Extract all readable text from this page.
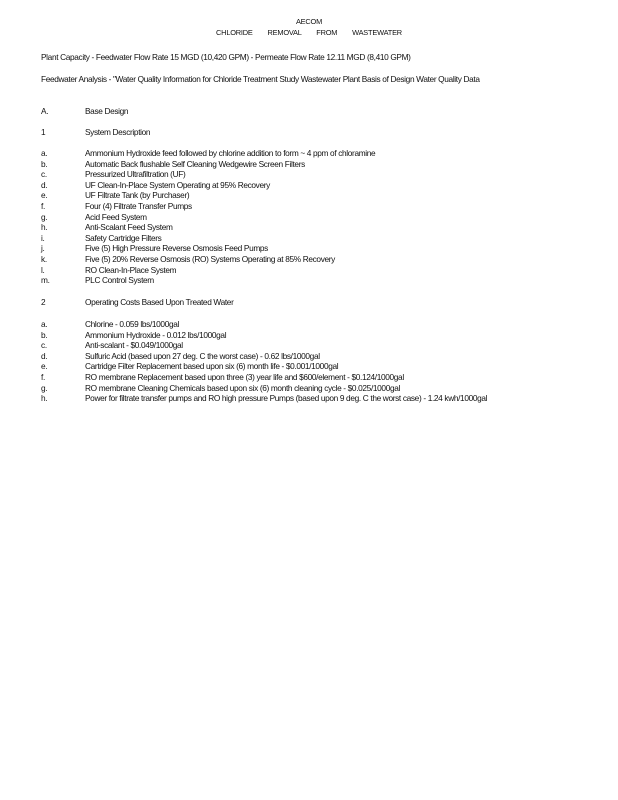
AECOM
CHLORIDE REMOVAL FROM WASTEWATER
Plant Capacity - Feedwater Flow Rate 15 MGD (10,420 GPM) - Permeate Flow Rate 12.11 MGD (8,410 GPM)
Feedwater Analysis - "Water Quality Information for Chloride Treatment Study Wastewater Plant Basis of Design Water Quality Data
A.	Base Design
1	System Description
a.	Ammonium Hydroxide feed followed by chlorine addition to form ~ 4 ppm of chloramine
b.	Automatic Back flushable Self Cleaning Wedgewire Screen Filters
c.	Pressurized Ultrafiltration (UF)
d.	UF Clean-In-Place System Operating at 95% Recovery
e.	UF Filtrate Tank (by Purchaser)
f.	Four (4) Filtrate Transfer Pumps
g.	Acid Feed System
h.	Anti-Scalant Feed System
i.	Safety Cartridge Filters
j.	Five (5) High Pressure Reverse Osmosis Feed Pumps
k.	Five (5) 20% Reverse Osmosis (RO) Systems Operating at 85% Recovery
l.	RO Clean-In-Place System
m.	PLC Control System
2	Operating Costs Based Upon Treated Water
a.	Chlorine - 0.059 lbs/1000gal
b.	Ammonium Hydroxide - 0.012 lbs/1000gal
c.	Anti-scalant - $0.049/1000gal
d.	Sulfuric Acid (based upon 27 deg. C the worst case) - 0.62 lbs/1000gal
e.	Cartridge Filter Replacement based upon six (6) month life - $0.001/1000gal
f.	RO membrane Replacement based upon three (3) year life and $600/element - $0.124/1000gal
g.	RO membrane Cleaning Chemicals based upon six (6) month cleaning cycle - $0.025/1000gal
h.	Power for filtrate transfer pumps and RO high pressure Pumps (based upon 9 deg. C the worst case) - 1.24 kwh/1000gal
